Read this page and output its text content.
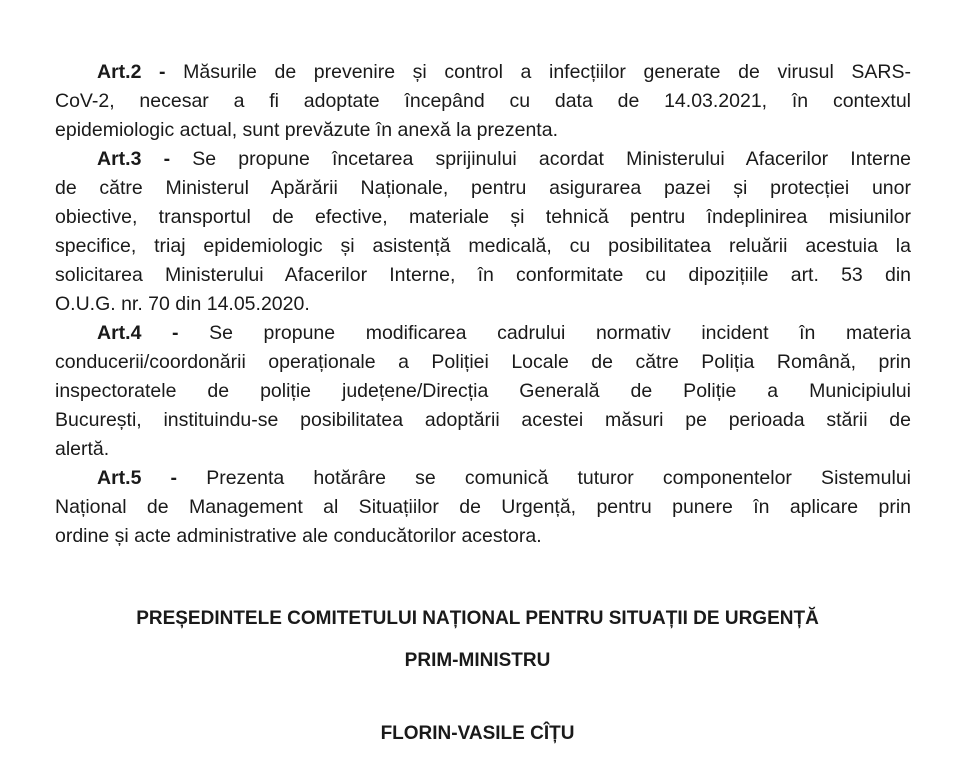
Art.2 - Măsurile de prevenire și control a infecțiilor generate de virusul SARS-
CoV-2, necesar a fi adoptate începând cu data de 14.03.2021, în contextul
epidemiologic actual, sunt prevăzute în anexă la prezenta.
Art.3 - Se propune încetarea sprijinului acordat Ministerului Afacerilor Interne
de către Ministerul Apărării Naționale, pentru asigurarea pazei și protecției unor
obiective, transportul de efective, materiale și tehnică pentru îndeplinirea misiunilor
specifice, triaj epidemiologic și asistență medicală, cu posibilitatea reluării acestuia la
solicitarea Ministerului Afacerilor Interne, în conformitate cu dipozițiile art. 53 din
O.U.G. nr. 70 din 14.05.2020.
Art.4 - Se propune modificarea cadrului normativ incident în materia
conducerii/coordonării operaționale a Poliției Locale de către Poliția Română, prin
inspectoratele de poliție județene/Direcția Generală de Poliție a Municipiului
București, instituindu-se posibilitatea adoptării acestei măsuri pe perioada stării de
alertă.
Art.5 - Prezenta hotărâre se comunică tuturor componentelor Sistemului
Național de Management al Situațiilor de Urgență, pentru punere în aplicare prin
ordine și acte administrative ale conducătorilor acestora.
PREȘEDINTELE COMITETULUI NAȚIONAL PENTRU SITUAȚII DE URGENȚĂ
PRIM-MINISTRU
FLORIN-VASILE CÎȚU
